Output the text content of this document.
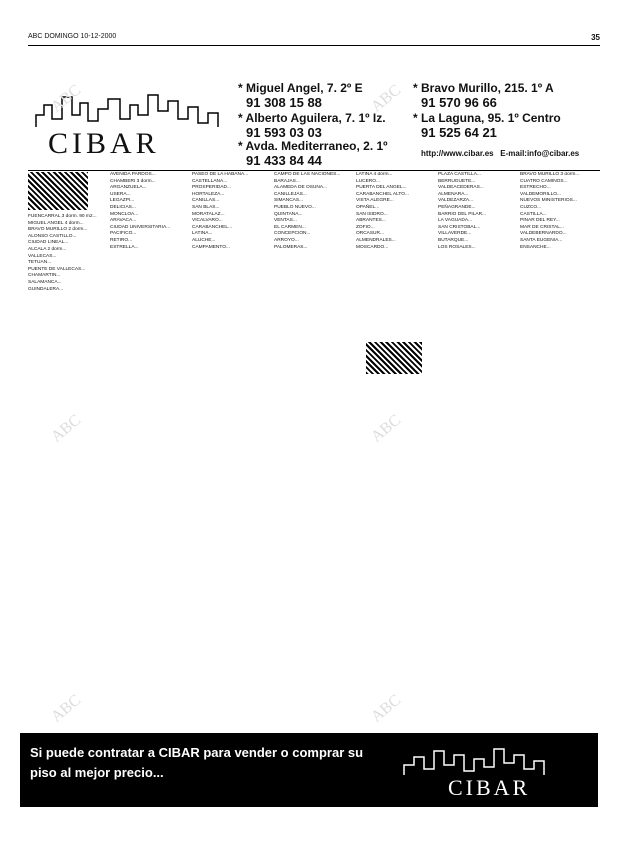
ABC DOMINGO 10-12-2000	35
CIBAR
* Miguel Angel, 7. 2º E
91 308 15 88
* Alberto Aguilera, 7. 1º Iz.
91 593 03 03
* Avda. Mediterraneo, 2. 1º
91 433 84 44
* Bravo Murillo, 215. 1º A
91 570 96 66
* La Laguna, 95. 1º Centro
91 525 64 21
http://www.cibar.es E-mail:info@cibar.es

FUENCARRAL 3 dorm. 90 m2...

MIGUEL ANGEL 4 dorm...

BRAVO MURILLO 2 dorm...

ALONSO CASTILLO...

CIUDAD LINEAL...

ALCALA 2 dorm...

VALLECAS...

TETUAN...

PUENTE DE VALLECAS...

CHAMARTIN...

SALAMANCA...

GUINDALERA...

AVENIDA PARDOS...

CHAMBERI 3 dorm...

ARGANZUELA...

USERA...

LEGAZPI...

DELICIAS...

MONCLOA...

ARAVACA...

CIUDAD UNIVERSITARIA...

PACIFICO...

RETIRO...

ESTRELLA...

PASEO DE LA HABANA...

CASTELLANA...

PROSPERIDAD...

HORTALEZA...

CANILLAS...

SAN BLAS...

MORATALAZ...

VICALVARO...

CARABANCHEL...

LATINA...

ALUCHE...

CAMPAMENTO...

CAMPO DE LAS NACIONES...

BARAJAS...

ALAMEDA DE OSUNA...

CANILLEJAS...

SIMANCAS...

PUEBLO NUEVO...

QUINTANA...

VENTAS...

EL CARMEN...

CONCEPCION...

ARROYO...

PALOMERAS...

LATINA 4 dorm...

LUCERO...

PUERTA DEL ANGEL...

CARABANCHEL ALTO...

VISTA ALEGRE...

OPAÑEL...

SAN ISIDRO...

ABRANTES...

ZOFIO...

ORCASUR...

ALMENDRALES...

MOSCARDO...

PLAZA CASTILLA...

BERRUGUETE...

VALDEACEDERAS...

ALMENARA...

VALDEZARZA...

PEÑAGRANDE...

BARRIO DEL PILAR...

LA VAGUADA...

SAN CRISTOBAL...

VILLAVERDE...

BUTARQUE...

LOS ROSALES...

BRAVO MURILLO 3 dorm...

CUATRO CAMINOS...

ESTRECHO...

VALDEMORILLO...

NUEVOS MINISTERIOS...

CUZCO...

CASTILLA...

PINAR DEL REY...

MAR DE CRISTAL...

VALDEBERNARDO...

SANTA EUGENIA...

ENSANCHE...

Si puede contratar a CIBAR para vender o comprar su piso al mejor precio...
CIBAR
ABC	ABC
ABC	ABC
ABC	ABC
